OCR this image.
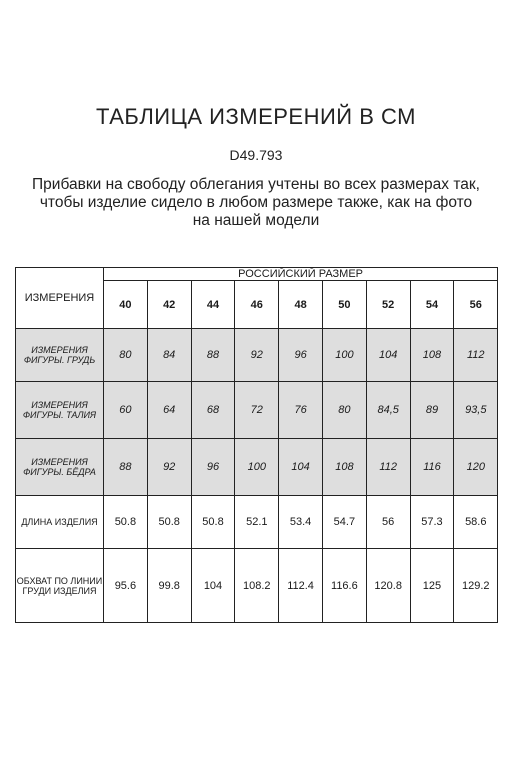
ТАБЛИЦА ИЗМЕРЕНИЙ В СМ
D49.793
Прибавки на свободу облегания учтены во всех размерах так, чтобы изделие сидело в любом размере также, как на фото на нашей модели
ИЗМЕРЕНИЯ	РОССИЙСКИЙ РАЗМЕР								
	40	42	44	46	48	50	52	54	56
ИЗМЕРЕНИЯ ФИГУРЫ. ГРУДЬ	80	84	88	92	96	100	104	108	112
ИЗМЕРЕНИЯ ФИГУРЫ. ТАЛИЯ	60	64	68	72	76	80	84,5	89	93,5
ИЗМЕРЕНИЯ ФИГУРЫ. БЁДРА	88	92	96	100	104	108	112	116	120
ДЛИНА ИЗДЕЛИЯ	50.8	50.8	50.8	52.1	53.4	54.7	56	57.3	58.6
ОБХВАТ ПО ЛИНИИ ГРУДИ ИЗДЕЛИЯ	95.6	99.8	104	108.2	112.4	116.6	120.8	125	129.2
